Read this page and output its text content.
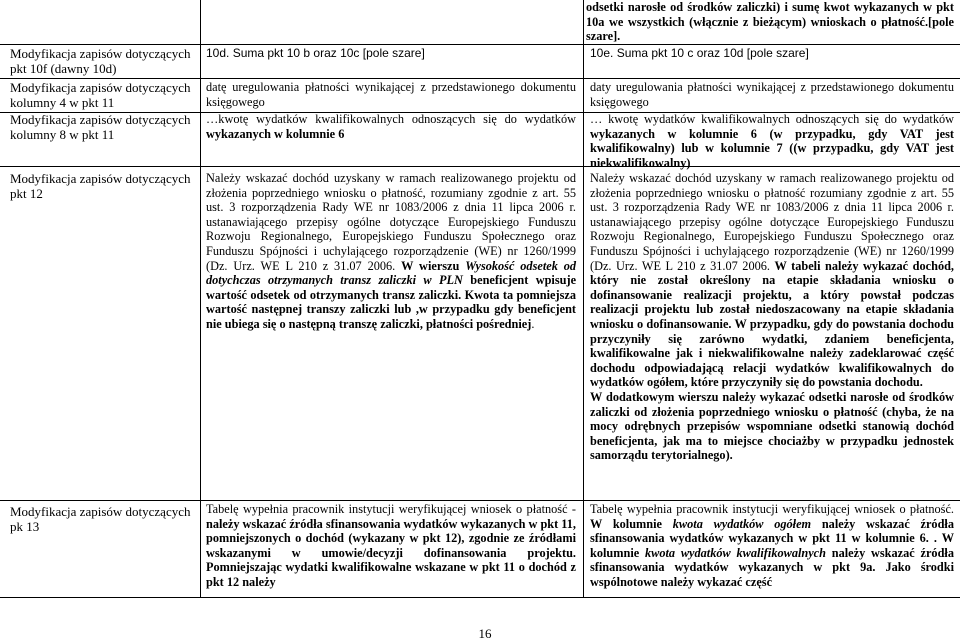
odsetki narosłe od środków zaliczki) i sumę kwot wykazanych w pkt 10a we wszystkich (włącznie z bieżącym) wnioskach o płatność.[pole szare].

Modyfikacja zapisów dotyczących pkt 10f (dawny 10d)

10d. Suma pkt 10 b oraz 10c [pole szare]	10e. Suma pkt 10 c oraz 10d [pole szare]

Modyfikacja zapisów dotyczących kolumny 4 w pkt 11

datę uregulowania płatności wynikającej z przedstawionego dokumentu księgowego

daty uregulowania płatności wynikającej z przedstawionego dokumentu księgowego

Modyfikacja zapisów dotyczących kolumny 8 w pkt 11

…kwotę wydatków kwalifikowalnych odnoszących się do wydatków wykazanych w kolumnie 6

… kwotę wydatków kwalifikowalnych odnoszących się do wydatków wykazanych w kolumnie 6 (w przypadku, gdy VAT jest kwalifikowalny) lub w kolumnie 7 ((w przypadku, gdy VAT jest niekwalifikowalny)

Modyfikacja zapisów dotyczących pkt 12

Należy wskazać dochód uzyskany w ramach realizowanego projektu od złożenia poprzedniego wniosku o płatność, rozumiany zgodnie z art. 55 ust. 3 rozporządzenia Rady WE nr 1083/2006 z dnia 11 lipca 2006 r. ustanawiającego przepisy ogólne dotyczące Europejskiego Funduszu Rozwoju Regionalnego, Europejskiego Funduszu Społecznego oraz Funduszu Spójności i uchylającego rozporządzenie (WE) nr 1260/1999 (Dz. Urz. WE L 210 z 31.07 2006. W wierszu Wysokość odsetek od dotychczas otrzymanych transz zaliczki w PLN beneficjent wpisuje wartość odsetek od otrzymanych transz zaliczki. Kwota ta pomniejsza wartość następnej transzy zaliczki lub ,w przypadku gdy beneficjent nie ubiega się o następną transzę zaliczki, płatności pośredniej.

Należy wskazać dochód uzyskany w ramach realizowanego projektu od złożenia poprzedniego wniosku o płatność rozumiany zgodnie z art. 55 ust. 3 rozporządzenia Rady WE nr 1083/2006 z dnia 11 lipca 2006 r. ustanawiającego przepisy ogólne dotyczące Europejskiego Funduszu Rozwoju Regionalnego, Europejskiego Funduszu Społecznego oraz Funduszu Spójności i uchylającego rozporządzenie (WE) nr 1260/1999 (Dz. Urz. WE L 210 z 31.07 2006. W tabeli należy wykazać dochód, który nie został określony na etapie składania wniosku o dofinansowanie realizacji projektu, a który powstał podczas realizacji projektu lub został niedoszacowany na etapie składania wniosku o dofinansowanie. W przypadku, gdy do powstania dochodu przyczyniły się zarówno wydatki, zdaniem beneficjenta, kwalifikowalne jak i niekwalifikowalne należy zadeklarować część dochodu odpowiadającą relacji wydatków kwalifikowalnych do wydatków ogółem, które przyczyniły się do powstania dochodu.

W dodatkowym wierszu należy wykazać odsetki narosłe od środków zaliczki od złożenia poprzedniego wniosku o płatność (chyba, że na mocy odrębnych przepisów wspomniane odsetki stanowią dochód beneficjenta, jak ma to miejsce chociażby w przypadku jednostek samorządu terytorialnego).

Modyfikacja zapisów dotyczących pk 13

Tabelę wypełnia pracownik instytucji weryfikującej wniosek o płatność - należy wskazać źródła sfinansowania wydatków wykazanych w pkt 11, pomniejszonych o dochód (wykazany w pkt 12), zgodnie ze źródłami wskazanymi w umowie/decyzji dofinansowania projektu. Pomniejszając wydatki kwalifikowalne wskazane w pkt 11 o dochód z pkt 12 należy

Tabelę wypełnia pracownik instytucji weryfikującej wniosek o płatność. W kolumnie kwota wydatków ogółem należy wskazać źródła sfinansowania wydatków wykazanych w pkt 11 w kolumnie 6. . W kolumnie kwota wydatków kwalifikowalnych należy wskazać źródła sfinansowania wydatków wykazanych w pkt 9a. Jako środki wspólnotowe należy wykazać część

16
